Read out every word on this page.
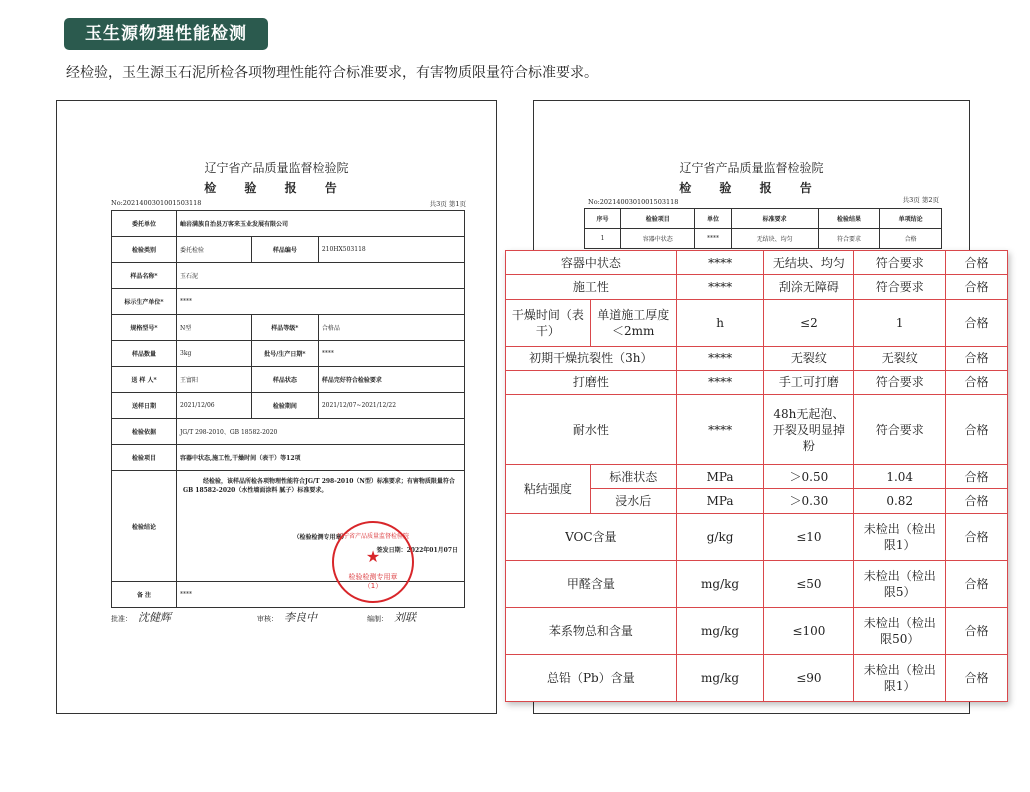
玉生源物理性能检测
经检验，玉生源玉石泥所检各项物理性能符合标准要求，有害物质限量符合标准要求。
辽宁省产品质量监督检验院
检 验 报 告
No:2021400301001503118	共3页 第1页
委托单位	岫岩满族自治县万客来玉业发展有限公司		
检验类别	委托检验	样品编号	210HX503118
样品名称*	玉石泥		
标示生产单位*	****		
规格型号*	N型	样品等级*	合格品
样品数量	3kg	批号/生产日期*	****
送 样 人*	王富阳	样品状态	样品完好符合检验要求
送样日期	2021/12/06	检验期间	2021/12/07~2021/12/22
检验依据	JG/T 298-2010、GB 18582-2020		
检验项目	容器中状态,施工性,干燥时间（表干）等12项		
检验结论	经检验，该样品所检各项物理性能符合JG/T 298-2010（N型）标准要求；有害物质限量符合GB 18582-2020（水性墙面涂料 腻子）标准要求。
（检验检测专用章）
签发日期：2022年01月07日		

备 注	****		
辽宁省产品质量监督检验院
★
检验检测专用章
（1）
批准： 沈健辉	审核： 李良中	编制： 刘联
辽宁省产品质量监督检验院
检 验 报 告
No:2021400301001503118	共3页 第2页
序号	检验项目	单位	标准要求	检验结果	单项结论
1	容器中状态	****	无结块、均匀	符合要求	合格
容器中状态		****	无结块、均匀	符合要求	合格
施工性		****	刮涂无障碍	符合要求	合格
干燥时间（表干）	单道施工厚度＜2mm	h	≤2	1	合格
初期干燥抗裂性（3h）		****	无裂纹	无裂纹	合格
打磨性		****	手工可打磨	符合要求	合格
耐水性		****	48h无起泡、开裂及明显掉粉	符合要求	合格
粘结强度	标准状态	MPa	＞0.50	1.04	合格
	浸水后	MPa	＞0.30	0.82	合格
VOC含量		g/kg	≤10	未检出（检出限1）	合格
甲醛含量		mg/kg	≤50	未检出（检出限5）	合格
苯系物总和含量		mg/kg	≤100	未检出（检出限50）	合格
总铅（Pb）含量		mg/kg	≤90	未检出（检出限1）	合格
